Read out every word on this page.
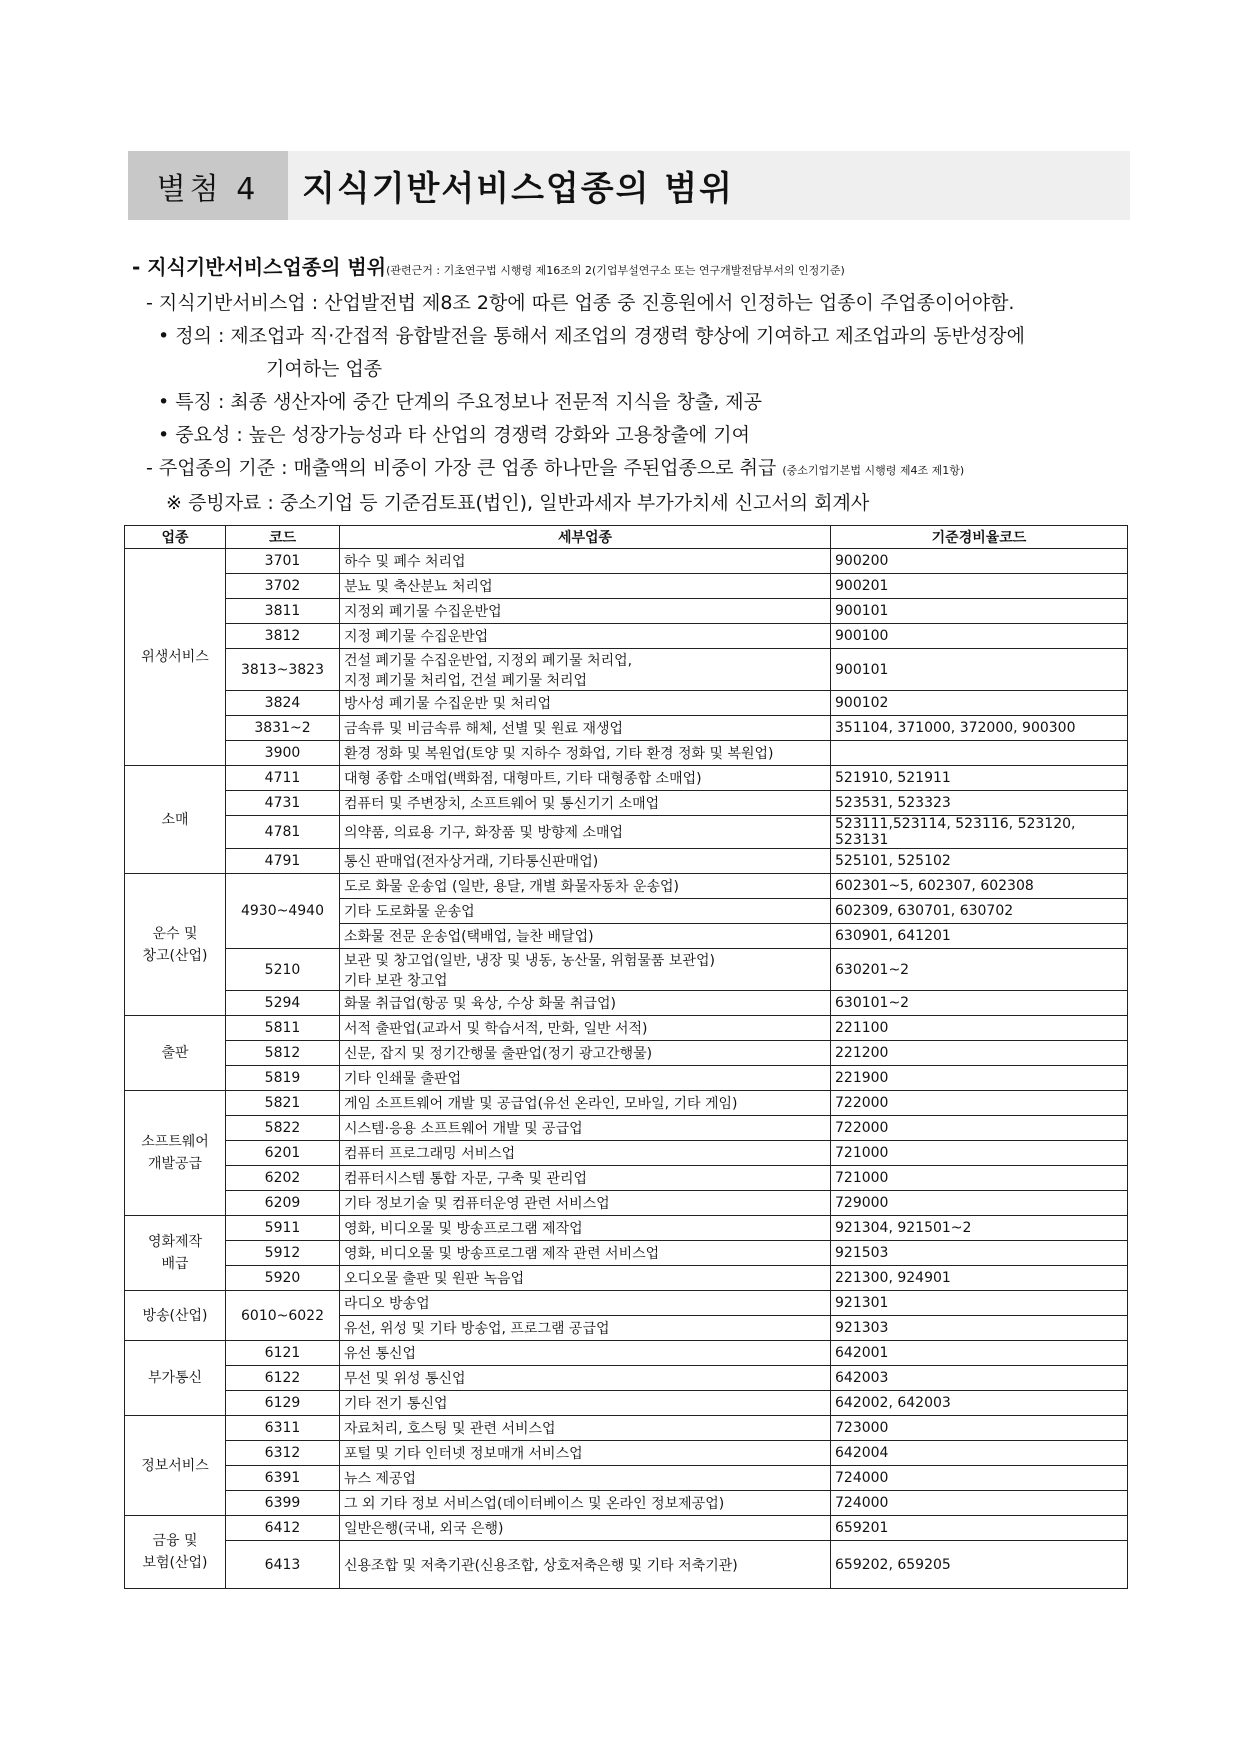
별첨 4	지식기반서비스업종의 범위
- 지식기반서비스업종의 범위(관련근거 : 기초연구법 시행령 제16조의 2(기업부설연구소 또는 연구개발전담부서의 인정기준)
- 지식기반서비스업 : 산업발전법 제8조 2항에 따른 업종 중 진흥원에서 인정하는 업종이 주업종이어야함.
• 정의 : 제조업과 직·간접적 융합발전을 통해서 제조업의 경쟁력 향상에 기여하고 제조업과의 동반성장에
기여하는 업종
• 특징 : 최종 생산자에 중간 단계의 주요정보나 전문적 지식을 창출, 제공
• 중요성 : 높은 성장가능성과 타 산업의 경쟁력 강화와 고용창출에 기여
- 주업종의 기준 : 매출액의 비중이 가장 큰 업종 하나만을 주된업종으로 취급 (중소기업기본법 시행령 제4조 제1항)
※ 증빙자료 : 중소기업 등 기준검토표(법인), 일반과세자 부가가치세 신고서의 회계사
업종	코드	세부업종	기준경비율코드
위생서비스	3701	하수 및 폐수 처리업	900200
	3702	분뇨 및 축산분뇨 처리업	900201
	3811	지정외 폐기물 수집운반업	900101
	3812	지정 폐기물 수집운반업	900100
	3813~3823	건설 폐기물 수집운반업, 지정외 폐기물 처리업,
지정 폐기물 처리업, 건설 폐기물 처리업	900101
	3824	방사성 폐기물 수집운반 및 처리업	900102
	3831~2	금속류 및 비금속류 해체, 선별 및 원료 재생업	351104, 371000, 372000, 900300
	3900	환경 정화 및 복원업(토양 및 지하수 정화업, 기타 환경 정화 및 복원업)	
소매	4711	대형 종합 소매업(백화점, 대형마트, 기타 대형종합 소매업)	521910, 521911
	4731	컴퓨터 및 주변장치, 소프트웨어 및 통신기기 소매업	523531, 523323
	4781	의약품, 의료용 기구, 화장품 및 방향제 소매업	523111,523114, 523116, 523120, 523131
	4791	통신 판매업(전자상거래, 기타통신판매업)	525101, 525102
운수 및
창고(산업)	4930~4940	도로 화물 운송업 (일반, 용달, 개별 화물자동차 운송업)	602301~5, 602307, 602308
		기타 도로화물 운송업	602309, 630701, 630702
		소화물 전문 운송업(택배업, 늘찬 배달업)	630901, 641201
	5210	보관 및 창고업(일반, 냉장 및 냉동, 농산물, 위험물품 보관업)
기타 보관 창고업	630201~2
	5294	화물 취급업(항공 및 육상, 수상 화물 취급업)	630101~2
출판	5811	서적 출판업(교과서 및 학습서적, 만화, 일반 서적)	221100
	5812	신문, 잡지 및 정기간행물 출판업(정기 광고간행물)	221200
	5819	기타 인쇄물 출판업	221900
소프트웨어
개발공급	5821	게임 소프트웨어 개발 및 공급업(유선 온라인, 모바일, 기타 게임)	722000
	5822	시스템·응용 소프트웨어 개발 및 공급업	722000
	6201	컴퓨터 프로그래밍 서비스업	721000
	6202	컴퓨터시스템 통합 자문, 구축 및 관리업	721000
	6209	기타 정보기술 및 컴퓨터운영 관련 서비스업	729000
영화제작
배급	5911	영화, 비디오물 및 방송프로그램 제작업	921304, 921501~2
	5912	영화, 비디오물 및 방송프로그램 제작 관련 서비스업	921503
	5920	오디오물 출판 및 원판 녹음업	221300, 924901
방송(산업)	6010~6022	라디오 방송업	921301
		유선, 위성 및 기타 방송업, 프로그램 공급업	921303
부가통신	6121	유선 통신업	642001
	6122	무선 및 위성 통신업	642003
	6129	기타 전기 통신업	642002, 642003
정보서비스	6311	자료처리, 호스팅 및 관련 서비스업	723000
	6312	포털 및 기타 인터넷 정보매개 서비스업	642004
	6391	뉴스 제공업	724000
	6399	그 외 기타 정보 서비스업(데이터베이스 및 온라인 정보제공업)	724000
금융 및
보험(산업)	6412	일반은행(국내, 외국 은행)	659201
	6413	신용조합 및 저축기관(신용조합, 상호저축은행 및 기타 저축기관)	659202, 659205
